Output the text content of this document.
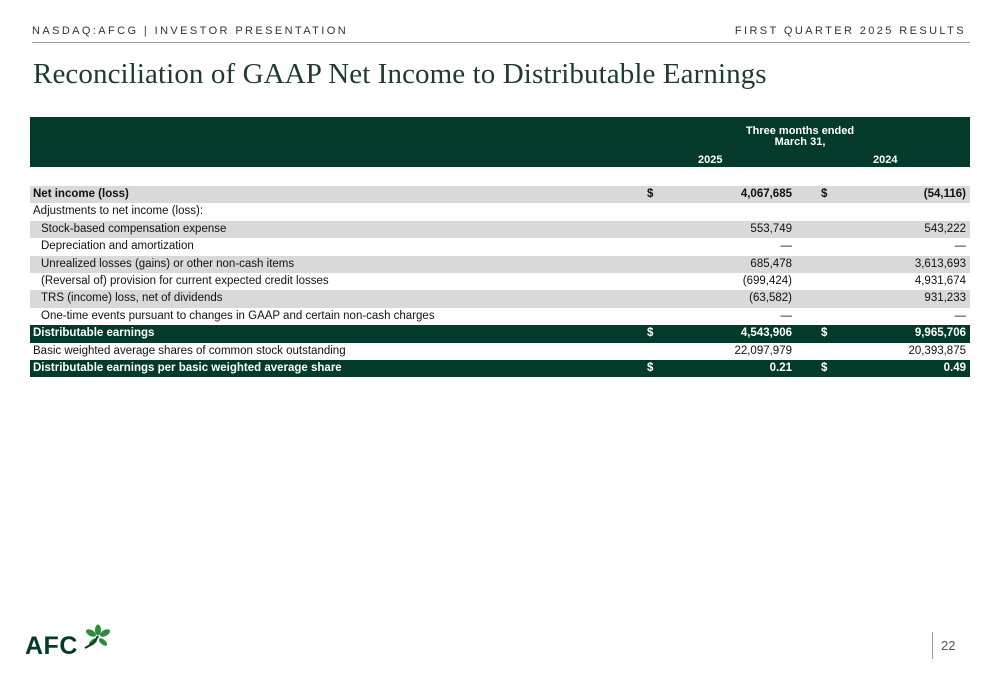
NASDAQ:AFCG | INVESTOR PRESENTATION	FIRST QUARTER 2025 RESULTS
Reconciliation of GAAP Net Income to Distributable Earnings
Three months ended
March 31,
2025	2024
Net income (loss)	$	4,067,685	$	(54,116)
Adjustments to net income (loss):
Stock-based compensation expense	553,749	543,222
Depreciation and amortization	—	—
Unrealized losses (gains) or other non-cash items	685,478	3,613,693
(Reversal of) provision for current expected credit losses	(699,424)	4,931,674
TRS (income) loss, net of dividends	(63,582)	931,233
One-time events pursuant to changes in GAAP and certain non-cash charges	—	—
Distributable earnings	$	4,543,906	$	9,965,706
Basic weighted average shares of common stock outstanding	22,097,979	20,393,875
Distributable earnings per basic weighted average share	$	0.21	$	0.49
AFC	22
